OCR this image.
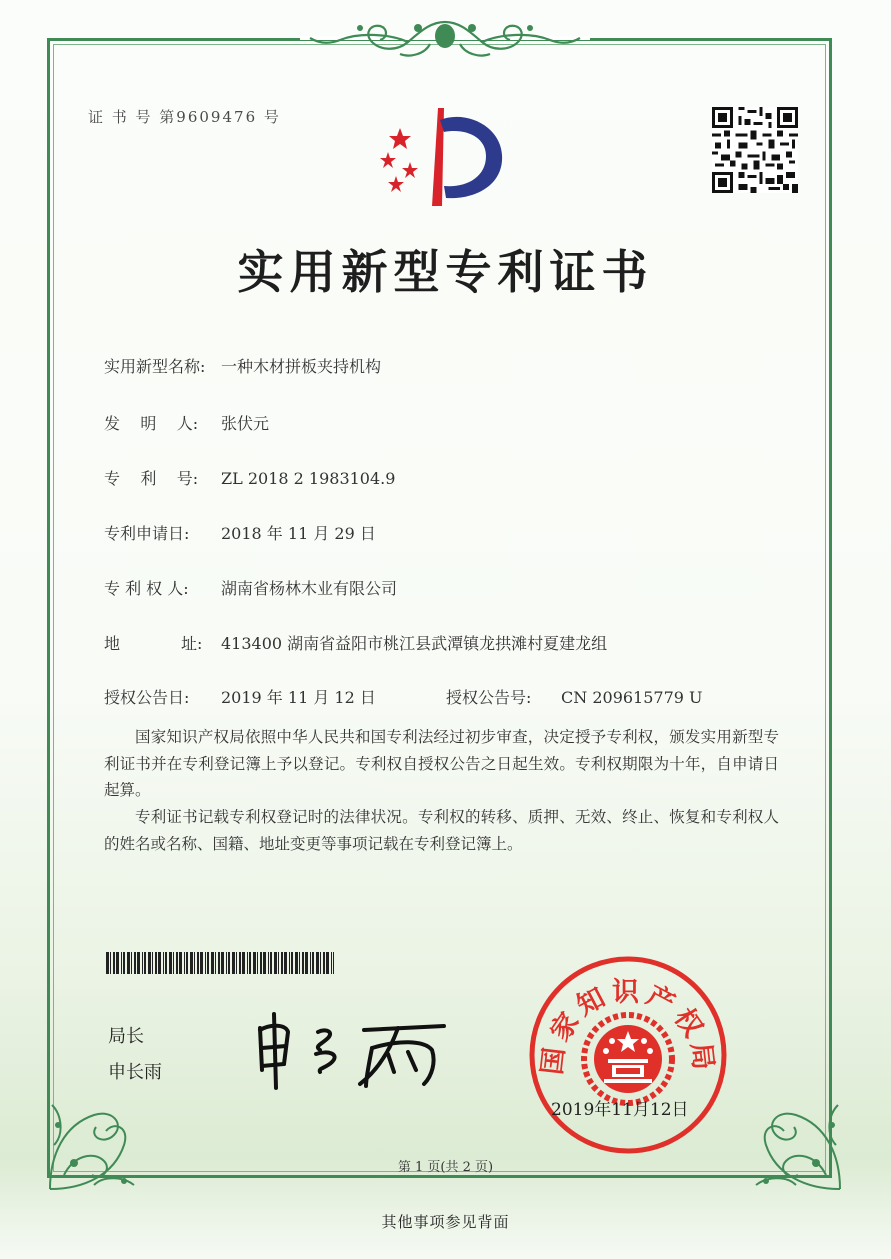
证 书 号 第9609476 号
实用新型专利证书
实用新型名称: 一种木材拼板夹持机构
发    明    人: 张伏元
专    利    号: ZL 2018 2 1983104.9
专利申请日: 2018 年 11 月 29 日
专 利 权 人: 湖南省杨林木业有限公司
地            址: 413400 湖南省益阳市桃江县武潭镇龙拱滩村夏建龙组
授权公告日: 2019 年 11 月 12 日	授权公告号: CN 209615779 U

国家知识产权局依照中华人民共和国专利法经过初步审查，决定授予专利权，颁发实用新型专利证书并在专利登记簿上予以登记。专利权自授权公告之日起生效。专利权期限为十年，自申请日起算。

专利证书记载专利权登记时的法律状况。专利权的转移、质押、无效、终止、恢复和专利权人的姓名或名称、国籍、地址变更等事项记载在专利登记簿上。

局长
申长雨	国家知识产权局
2019年11月12日
第 1 页(共 2 页)
其他事项参见背面
